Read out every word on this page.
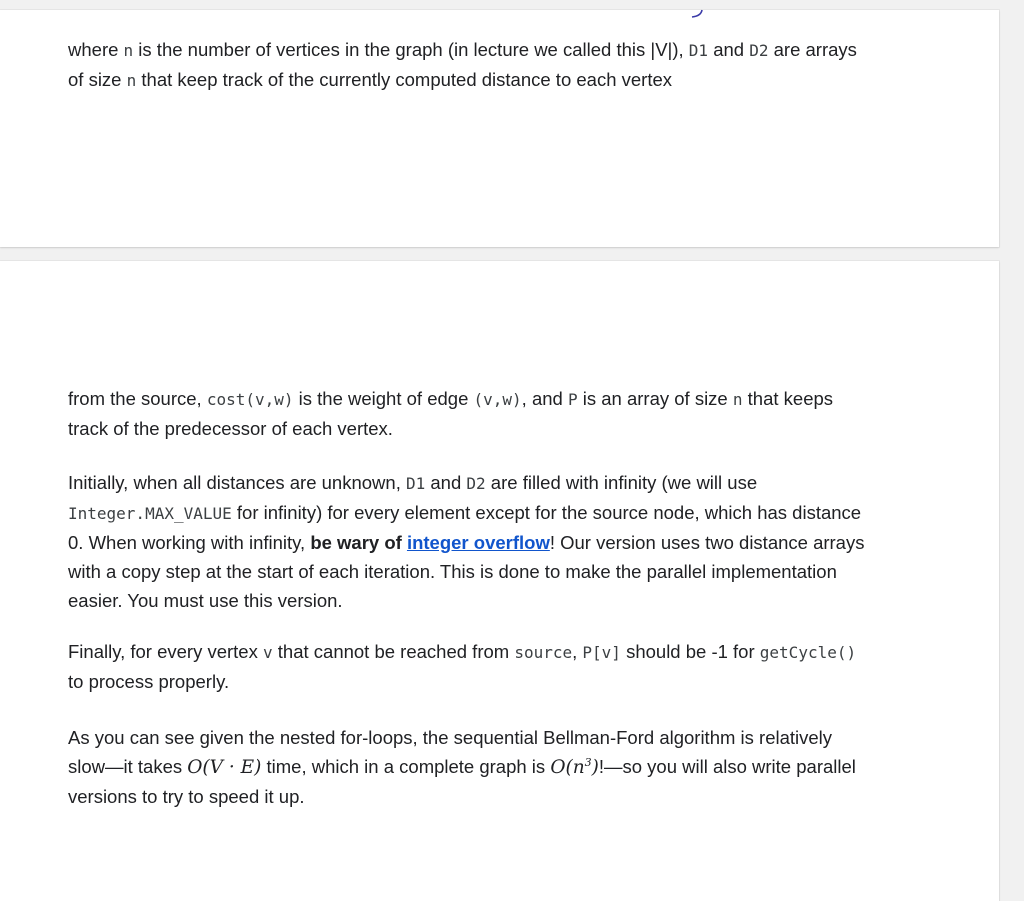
where n is the number of vertices in the graph (in lecture we called this |V|), D1 and D2 are arrays of size n that keep track of the currently computed distance to each vertex

from the source, cost(v,w) is the weight of edge (v,w), and P is an array of size n that keeps track of the predecessor of each vertex.

Initially, when all distances are unknown, D1 and D2 are filled with infinity (we will use Integer.MAX_VALUE for infinity) for every element except for the source node, which has distance 0. When working with infinity, be wary of integer overflow! Our version uses two distance arrays with a copy step at the start of each iteration. This is done to make the parallel implementation easier. You must use this version.

Finally, for every vertex v that cannot be reached from source, P[v] should be -1 for getCycle() to process properly.

As you can see given the nested for-loops, the sequential Bellman-Ford algorithm is relatively slow—it takes O(V · E) time, which in a complete graph is $O(n^3)!—so$ you will also write parallel versions to try to speed it up.
